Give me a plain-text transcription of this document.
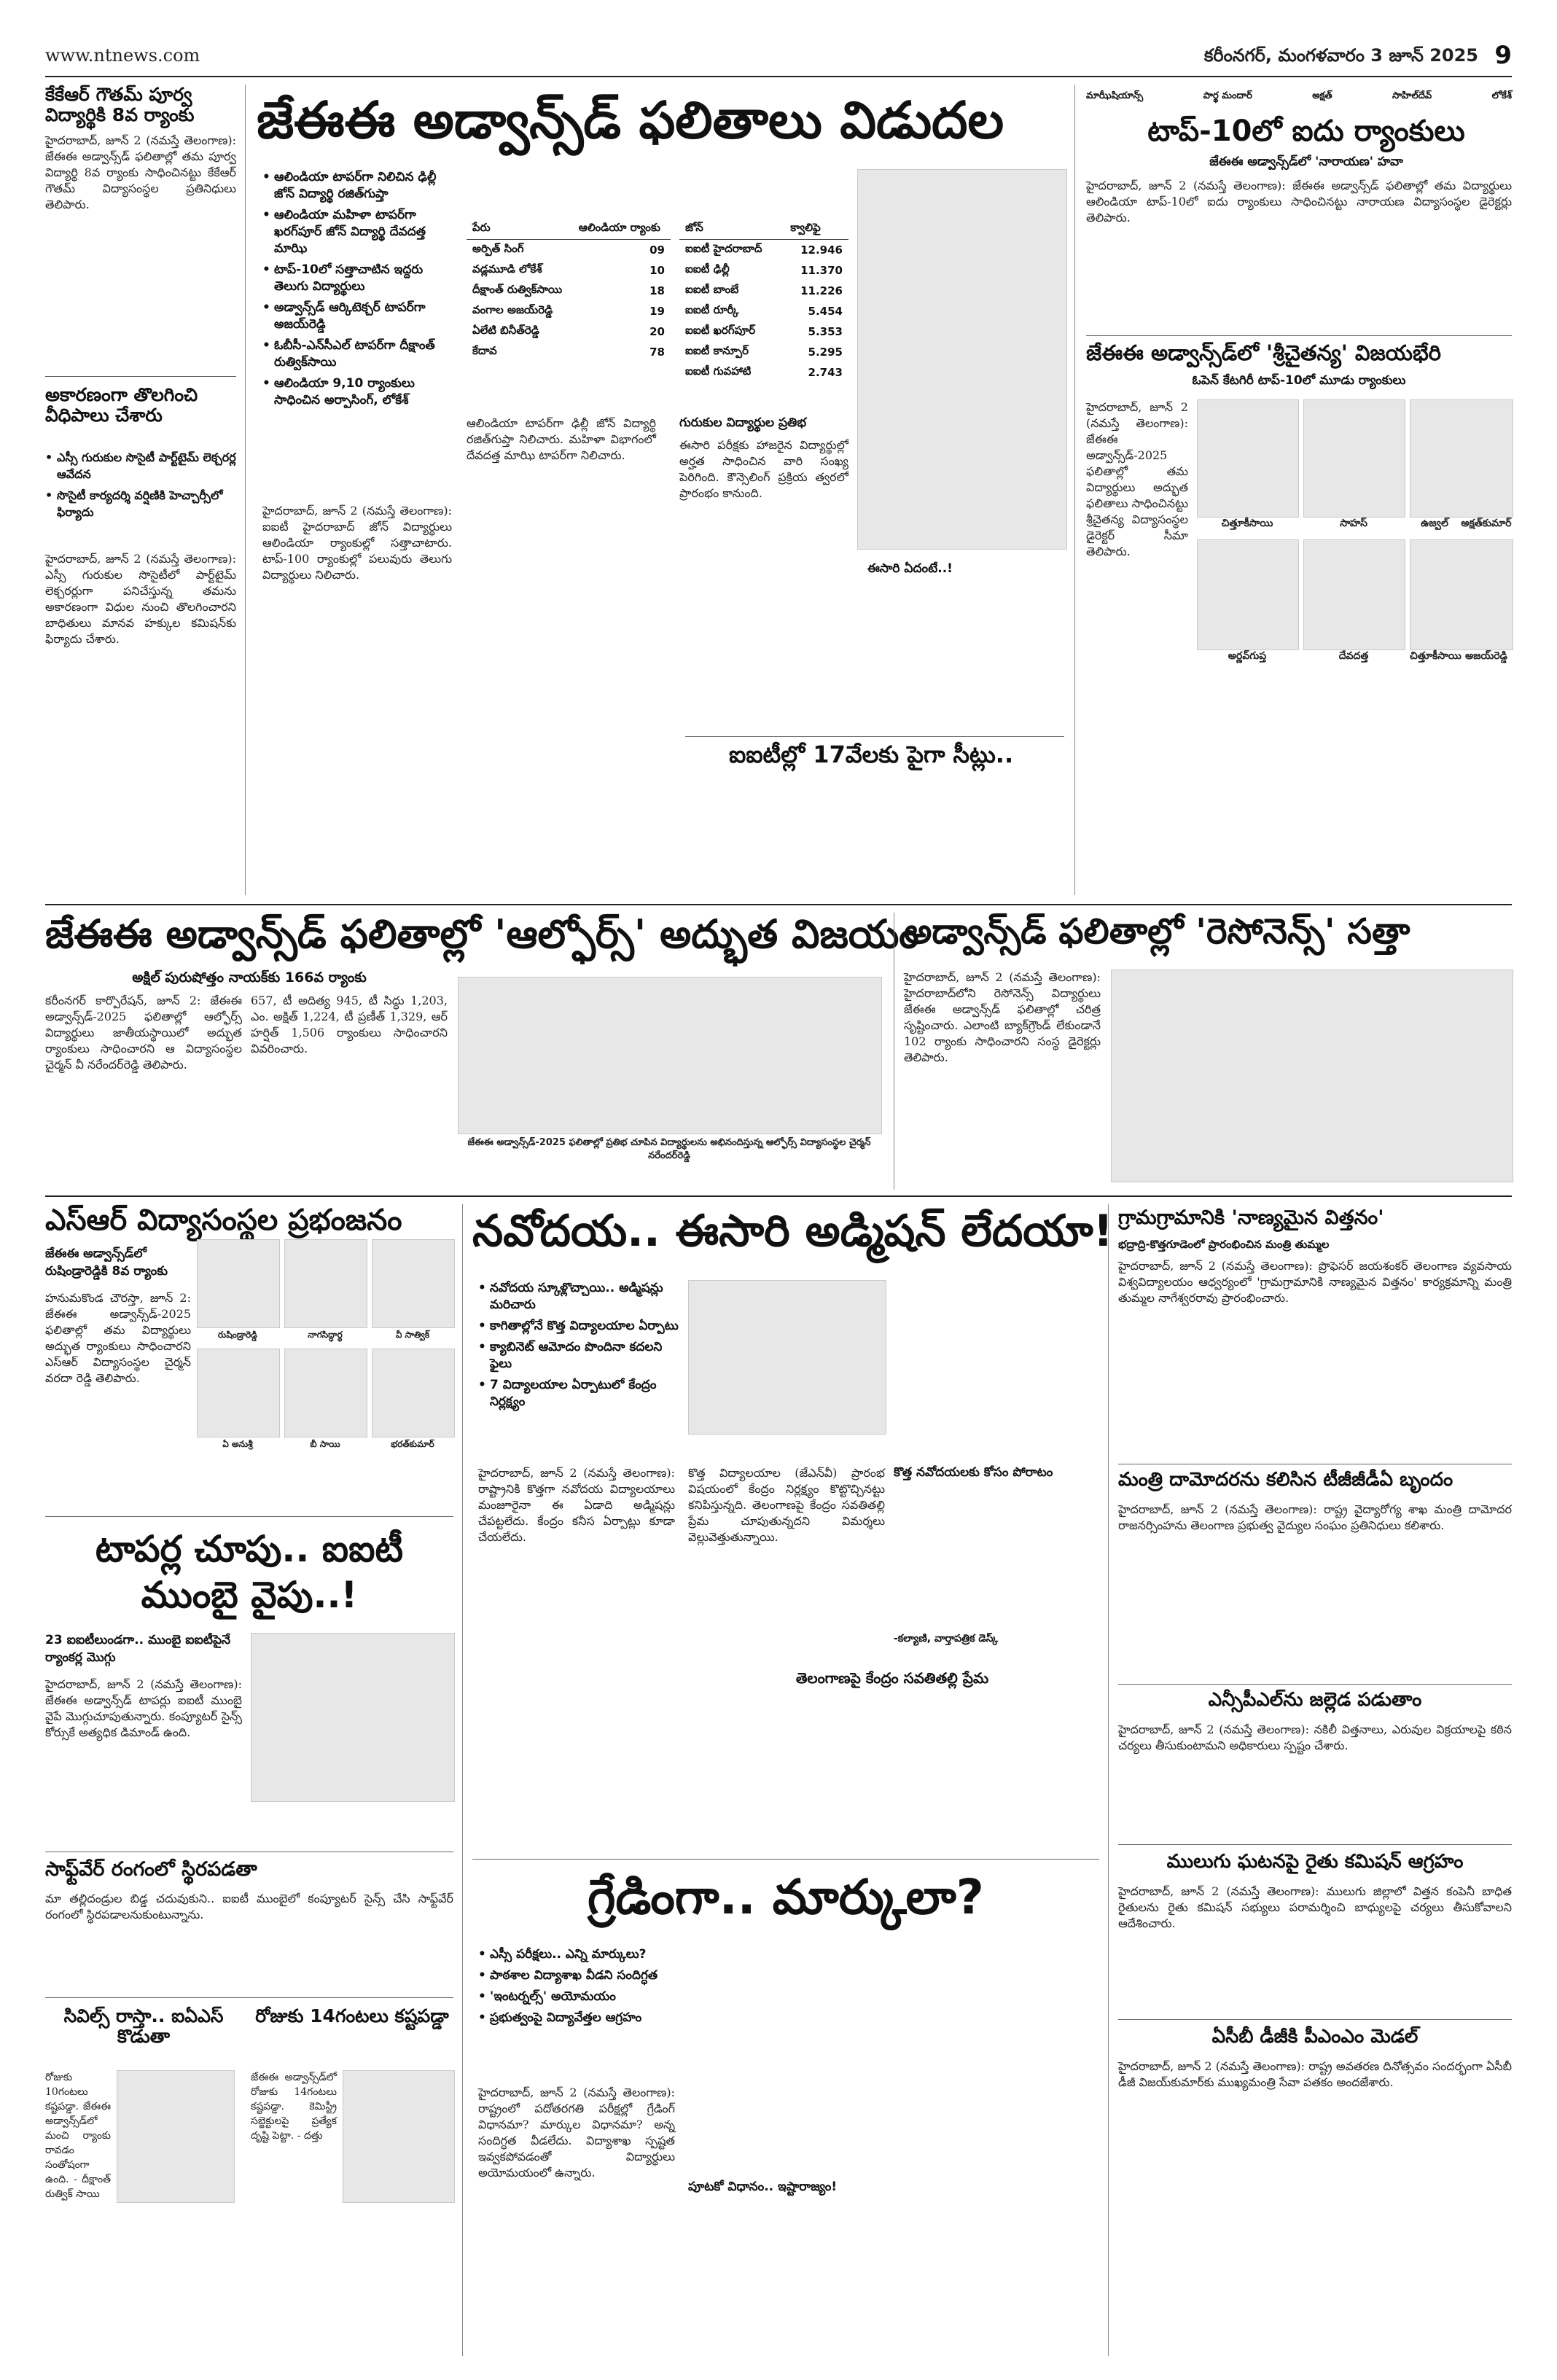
www.ntnews.com	కరీంనగర్, మంగళవారం 3 జూన్ 2025 9
కేకేఆర్ గౌతమ్ పూర్వ విద్యార్థికి 8వ ర్యాంకు

హైదరాబాద్, జూన్ 2 (నమస్తే తెలంగాణ): జేఈఈ అడ్వాన్స్‌డ్ ఫలితాల్లో తమ పూర్వ విద్యార్థి 8వ ర్యాంకు సాధించినట్టు కేకేఆర్ గౌతమ్ విద్యాసంస్థల ప్రతినిధులు తెలిపారు.

అకారణంగా తొలగించి వీధిపాలు చేశారు
• ఎస్సీ గురుకుల సొసైటీ పార్ట్‌టైమ్ లెక్చరర్ల ఆవేదన
• సొసైటీ కార్యదర్శి వర్షిణికి హెచ్చార్సీలో ఫిర్యాదు

హైదరాబాద్, జూన్ 2 (నమస్తే తెలంగాణ): ఎస్సీ గురుకుల సొసైటీలో పార్ట్‌టైమ్ లెక్చరర్లుగా పనిచేస్తున్న తమను అకారణంగా విధుల నుంచి తొలగించారని బాధితులు మానవ హక్కుల కమిషన్‌కు ఫిర్యాదు చేశారు.

జేఈఈ అడ్వాన్స్‌డ్ ఫలితాలు విడుదల
• ఆలిండియా టాపర్‌గా నిలిచిన ఢిల్లీ జోన్ విద్యార్థి రజిత్‌గుప్తా
• ఆలిండియా మహిళా టాపర్‌గా ఖరగ్‌పూర్ జోన్ విద్యార్థి దేవదత్త మాఝి
• టాప్-10లో సత్తాచాటిన ఇద్దరు తెలుగు విద్యార్థులు
• అడ్వాన్స్‌డ్ ఆర్కిటెక్చర్ టాపర్‌గా అజయ్‌రెడ్డి
• ఓబీసీ-ఎన్‌సీఎల్ టాపర్‌గా దీక్షాంత్ రుత్విక్‌సాయి
• ఆలిండియా 9,10 ర్యాంకులు సాధించిన అర్పాసింగ్, లోకేశ్
పేరు	ఆలిండియా ర్యాంకు
అర్పిత్ సింగ్	09
వడ్లమూడి లోకేశ్	10
దీక్షాంత్ రుత్విక్‌సాయి	18
వంగాల అజయ్‌రెడ్డి	19
ఏలేటి బినీత్‌రెడ్డి	20
కేదావ	78
జోన్	క్వాలిఫై
ఐఐటీ హైదరాబాద్	12.946
ఐఐటీ ఢిల్లీ	11.370
ఐఐటీ బాంబే	11.226
ఐఐటీ రూర్కీ	5.454
ఐఐటీ ఖరగ్‌పూర్	5.353
ఐఐటీ కాన్పూర్	5.295
ఐఐటీ గువహాటి	2.743

హైదరాబాద్, జూన్ 2 (నమస్తే తెలంగాణ): ఐఐటీ హైదరాబాద్ జోన్ విద్యార్థులు ఆలిండియా ర్యాంకుల్లో సత్తాచాటారు. టాప్-100 ర్యాంకుల్లో పలువురు తెలుగు విద్యార్థులు నిలిచారు.

ఆలిండియా టాపర్‌గా ఢిల్లీ జోన్ విద్యార్థి రజిత్‌గుప్తా నిలిచారు. మహిళా విభాగంలో దేవదత్త మాఝి టాపర్‌గా నిలిచారు.

గురుకుల విద్యార్థుల ప్రతిభ

ఈసారి పరీక్షకు హాజరైన విద్యార్థుల్లో అర్హత సాధించిన వారి సంఖ్య పెరిగింది. కౌన్సెలింగ్ ప్రక్రియ త్వరలో ప్రారంభం కానుంది.

ఈసారి ఏదంటే..!
ఐఐటీల్లో 17వేలకు పైగా సీట్లు..
మాఝీషియాన్స్	పార్థ మందార్	అక్షత్	సాహిల్‌దేవ్	లోకేశ్
టాప్-10లో ఐదు ర్యాంకులు
జేఈఈ అడ్వాన్స్‌డ్‌లో 'నారాయణ' హవా

హైదరాబాద్, జూన్ 2 (నమస్తే తెలంగాణ): జేఈఈ అడ్వాన్స్‌డ్ ఫలితాల్లో తమ విద్యార్థులు ఆలిండియా టాప్-10లో ఐదు ర్యాంకులు సాధించినట్టు నారాయణ విద్యాసంస్థల డైరెక్టర్లు తెలిపారు.

జేఈఈ అడ్వాన్స్‌డ్‌లో 'శ్రీచైతన్య' విజయభేరి
ఓపెన్ కేటగిరీ టాప్-10లో మూడు ర్యాంకులు

హైదరాబాద్, జూన్ 2 (నమస్తే తెలంగాణ): జేఈఈ అడ్వాన్స్‌డ్-2025 ఫలితాల్లో తమ విద్యార్థులు అద్భుత ఫలితాలు సాధించినట్టు శ్రీచైతన్య విద్యాసంస్థల డైరెక్టర్ సీమా తెలిపారు.

చిత్తూకీసాయి	సాహస్	ఉజ్వల్	అక్షత్‌కుమార్
అర్ణవ్‌గుప్త	దేవదత్త	చిత్తూకీసాయి అజయ్‌రెడ్డి
జేఈఈ అడ్వాన్స్‌డ్ ఫలితాల్లో 'ఆల్ఫోర్స్' అద్భుత విజయం
అక్షిల్ పురుషోత్తం నాయక్‌కు 166వ ర్యాంకు

కరీంనగర్ కార్పొరేషన్, జూన్ 2: జేఈఈ అడ్వాన్స్‌డ్-2025 ఫలితాల్లో ఆల్ఫోర్స్ విద్యార్థులు జాతీయస్థాయిలో అద్భుత ర్యాంకులు సాధించారని ఆ విద్యాసంస్థల చైర్మన్ వీ నరేందర్‌రెడ్డి తెలిపారు.

657, టీ అదిత్య 945, టీ సిద్ధు 1,203, ఎం. అక్షిత్ 1,224, టీ ప్రణీత్ 1,329, ఆర్ హర్షిత్ 1,506 ర్యాంకులు సాధించారని వివరించారు.

జేఈఈ అడ్వాన్స్‌డ్-2025 ఫలితాల్లో ప్రతిభ చూపిన విద్యార్థులను అభినందిస్తున్న ఆల్ఫోర్స్ విద్యాసంస్థల చైర్మన్ నరేందర్‌రెడ్డి
అడ్వాన్స్‌డ్ ఫలితాల్లో 'రెసోనెన్స్' సత్తా

హైదరాబాద్, జూన్ 2 (నమస్తే తెలంగాణ): హైదరాబాద్‌లోని రెసోనెన్స్ విద్యార్థులు జేఈఈ అడ్వాన్స్‌డ్ ఫలితాల్లో చరిత్ర సృష్టించారు. ఎలాంటి బ్యాక్‌గ్రౌండ్ లేకుండానే 102 ర్యాంకు సాధించారని సంస్థ డైరెక్టర్లు తెలిపారు.

ఎస్‌ఆర్ విద్యాసంస్థల ప్రభంజనం
జేఈఈ అడ్వాన్స్‌డ్‌లో రుషిండ్రారెడ్డికి 8వ ర్యాంకు

హనుమకొండ చౌరస్తా, జూన్ 2: జేఈఈ అడ్వాన్స్‌డ్-2025 ఫలితాల్లో తమ విద్యార్థులు అద్భుత ర్యాంకులు సాధించారని ఎస్‌ఆర్ విద్యాసంస్థల చైర్మన్ వరదా రెడ్డి తెలిపారు.

రుషిండ్రారెడ్డి	నాగసిద్ధార్థ	వీ సాత్విక్
ఏ అనుశ్రీ	బీ సాయి	భరత్‌కుమార్
టాపర్ల చూపు.. ఐఐటీ ముంబై వైపు..!
23 ఐఐటీలుండగా.. ముంబై ఐఐటీపైనే ర్యాంకర్ల మొగ్గు

హైదరాబాద్, జూన్ 2 (నమస్తే తెలంగాణ): జేఈఈ అడ్వాన్స్‌డ్ టాపర్లు ఐఐటీ ముంబై వైపే మొగ్గుచూపుతున్నారు. కంప్యూటర్ సైన్స్ కోర్సుకే అత్యధిక డిమాండ్ ఉంది.

సాఫ్ట్‌వేర్ రంగంలో స్థిరపడతా

మా తల్లిదండ్రుల బిడ్డ చదువుకుని.. ఐఐటీ ముంబైలో కంప్యూటర్ సైన్స్ చేసి సాఫ్ట్‌వేర్ రంగంలో స్థిరపడాలనుకుంటున్నాను.

సివిల్స్ రాస్తా.. ఐఏఎస్ కొడుతా

రోజుకు 10గంటలు కష్టపడ్డా. జేఈఈ అడ్వాన్స్‌డ్‌లో మంచి ర్యాంకు రావడం సంతోషంగా ఉంది. - దీక్షాంత్ రుత్విక్ సాయి

రోజుకు 14గంటలు కష్టపడ్డా

జేఈఈ అడ్వాన్స్‌డ్‌లో రోజుకు 14గంటలు కష్టపడ్డా. కెమిస్ట్రీ సబ్జెక్టులపై ప్రత్యేక దృష్టి పెట్టా. - దత్తు

నవోదయ.. ఈసారి అడ్మిషన్ లేదయా!
• నవోదయ స్కూళ్లొచ్చాయి.. అడ్మిషన్లు మరిచారు
• కాగితాల్లోనే కొత్త విద్యాలయాల ఏర్పాటు
• క్యాబినెట్ ఆమోదం పొందినా కదలని ఫైలు
• 7 విద్యాలయాల ఏర్పాటులో కేంద్రం నిర్లక్ష్యం

హైదరాబాద్, జూన్ 2 (నమస్తే తెలంగాణ): రాష్ట్రానికి కొత్తగా నవోదయ విద్యాలయాలు మంజూరైనా ఈ ఏడాది అడ్మిషన్లు చేపట్టలేదు. కేంద్రం కనీస ఏర్పాట్లు కూడా చేయలేదు.

కొత్త నవోదయలకు కోసం పోరాటం

కొత్త విద్యాలయాల (జేఎన్‌వీ) ప్రారంభ విషయంలో కేంద్రం నిర్లక్ష్యం కొట్టొచ్చినట్టు కనిపిస్తున్నది. తెలంగాణపై కేంద్రం సవతితల్లి ప్రేమ చూపుతున్నదని విమర్శలు వెల్లువెత్తుతున్నాయి.

తెలంగాణపై కేంద్రం సవతితల్లి ప్రేమ
-కల్యాణి, వార్తాపత్రిక డెస్క్
గ్రేడింగా.. మార్కులా?
• ఎస్సీ పరీక్షలు.. ఎన్ని మార్కులు?
• పాఠశాల విద్యాశాఖ వీడని సందిగ్ధత
• 'ఇంటర్నల్స్' అయోమయం
• ప్రభుత్వంపై విద్యావేత్తల ఆగ్రహం

హైదరాబాద్, జూన్ 2 (నమస్తే తెలంగాణ): రాష్ట్రంలో పదోతరగతి పరీక్షల్లో గ్రేడింగ్ విధానమా? మార్కుల విధానమా? అన్న సందిగ్ధత వీడలేదు. విద్యాశాఖ స్పష్టత ఇవ్వకపోవడంతో విద్యార్థులు అయోమయంలో ఉన్నారు.

పూటకో విధానం.. ఇష్టారాజ్యం!
గ్రామగ్రామానికి 'నాణ్యమైన విత్తనం'
భద్రాద్రి-కొత్తగూడెంలో ప్రారంభించిన మంత్రి తుమ్మల

హైదరాబాద్, జూన్ 2 (నమస్తే తెలంగాణ): ప్రొఫెసర్ జయశంకర్ తెలంగాణ వ్యవసాయ విశ్వవిద్యాలయం ఆధ్వర్యంలో 'గ్రామగ్రామానికి నాణ్యమైన విత్తనం' కార్యక్రమాన్ని మంత్రి తుమ్మల నాగేశ్వరరావు ప్రారంభించారు.

మంత్రి దామోదరను కలిసిన టీజీజీడీఏ బృందం

హైదరాబాద్, జూన్ 2 (నమస్తే తెలంగాణ): రాష్ట్ర వైద్యారోగ్య శాఖ మంత్రి దామోదర రాజనర్సింహను తెలంగాణ ప్రభుత్వ వైద్యుల సంఘం ప్రతినిధులు కలిశారు.

ఎన్సీపీఎల్‌ను జల్లెడ పడుతాం

హైదరాబాద్, జూన్ 2 (నమస్తే తెలంగాణ): నకిలీ విత్తనాలు, ఎరువుల విక్రయాలపై కఠిన చర్యలు తీసుకుంటామని అధికారులు స్పష్టం చేశారు.

ములుగు ఘటనపై రైతు కమిషన్ ఆగ్రహం

హైదరాబాద్, జూన్ 2 (నమస్తే తెలంగాణ): ములుగు జిల్లాలో విత్తన కంపెనీ బాధిత రైతులను రైతు కమిషన్ సభ్యులు పరామర్శించి బాధ్యులపై చర్యలు తీసుకోవాలని ఆదేశించారు.

ఏసీబీ డీజీకి పీఎంఎం మెడల్

హైదరాబాద్, జూన్ 2 (నమస్తే తెలంగాణ): రాష్ట్ర అవతరణ దినోత్సవం సందర్భంగా ఏసీబీ డీజీ విజయ్‌కుమార్‌కు ముఖ్యమంత్రి సేవా పతకం అందజేశారు.
